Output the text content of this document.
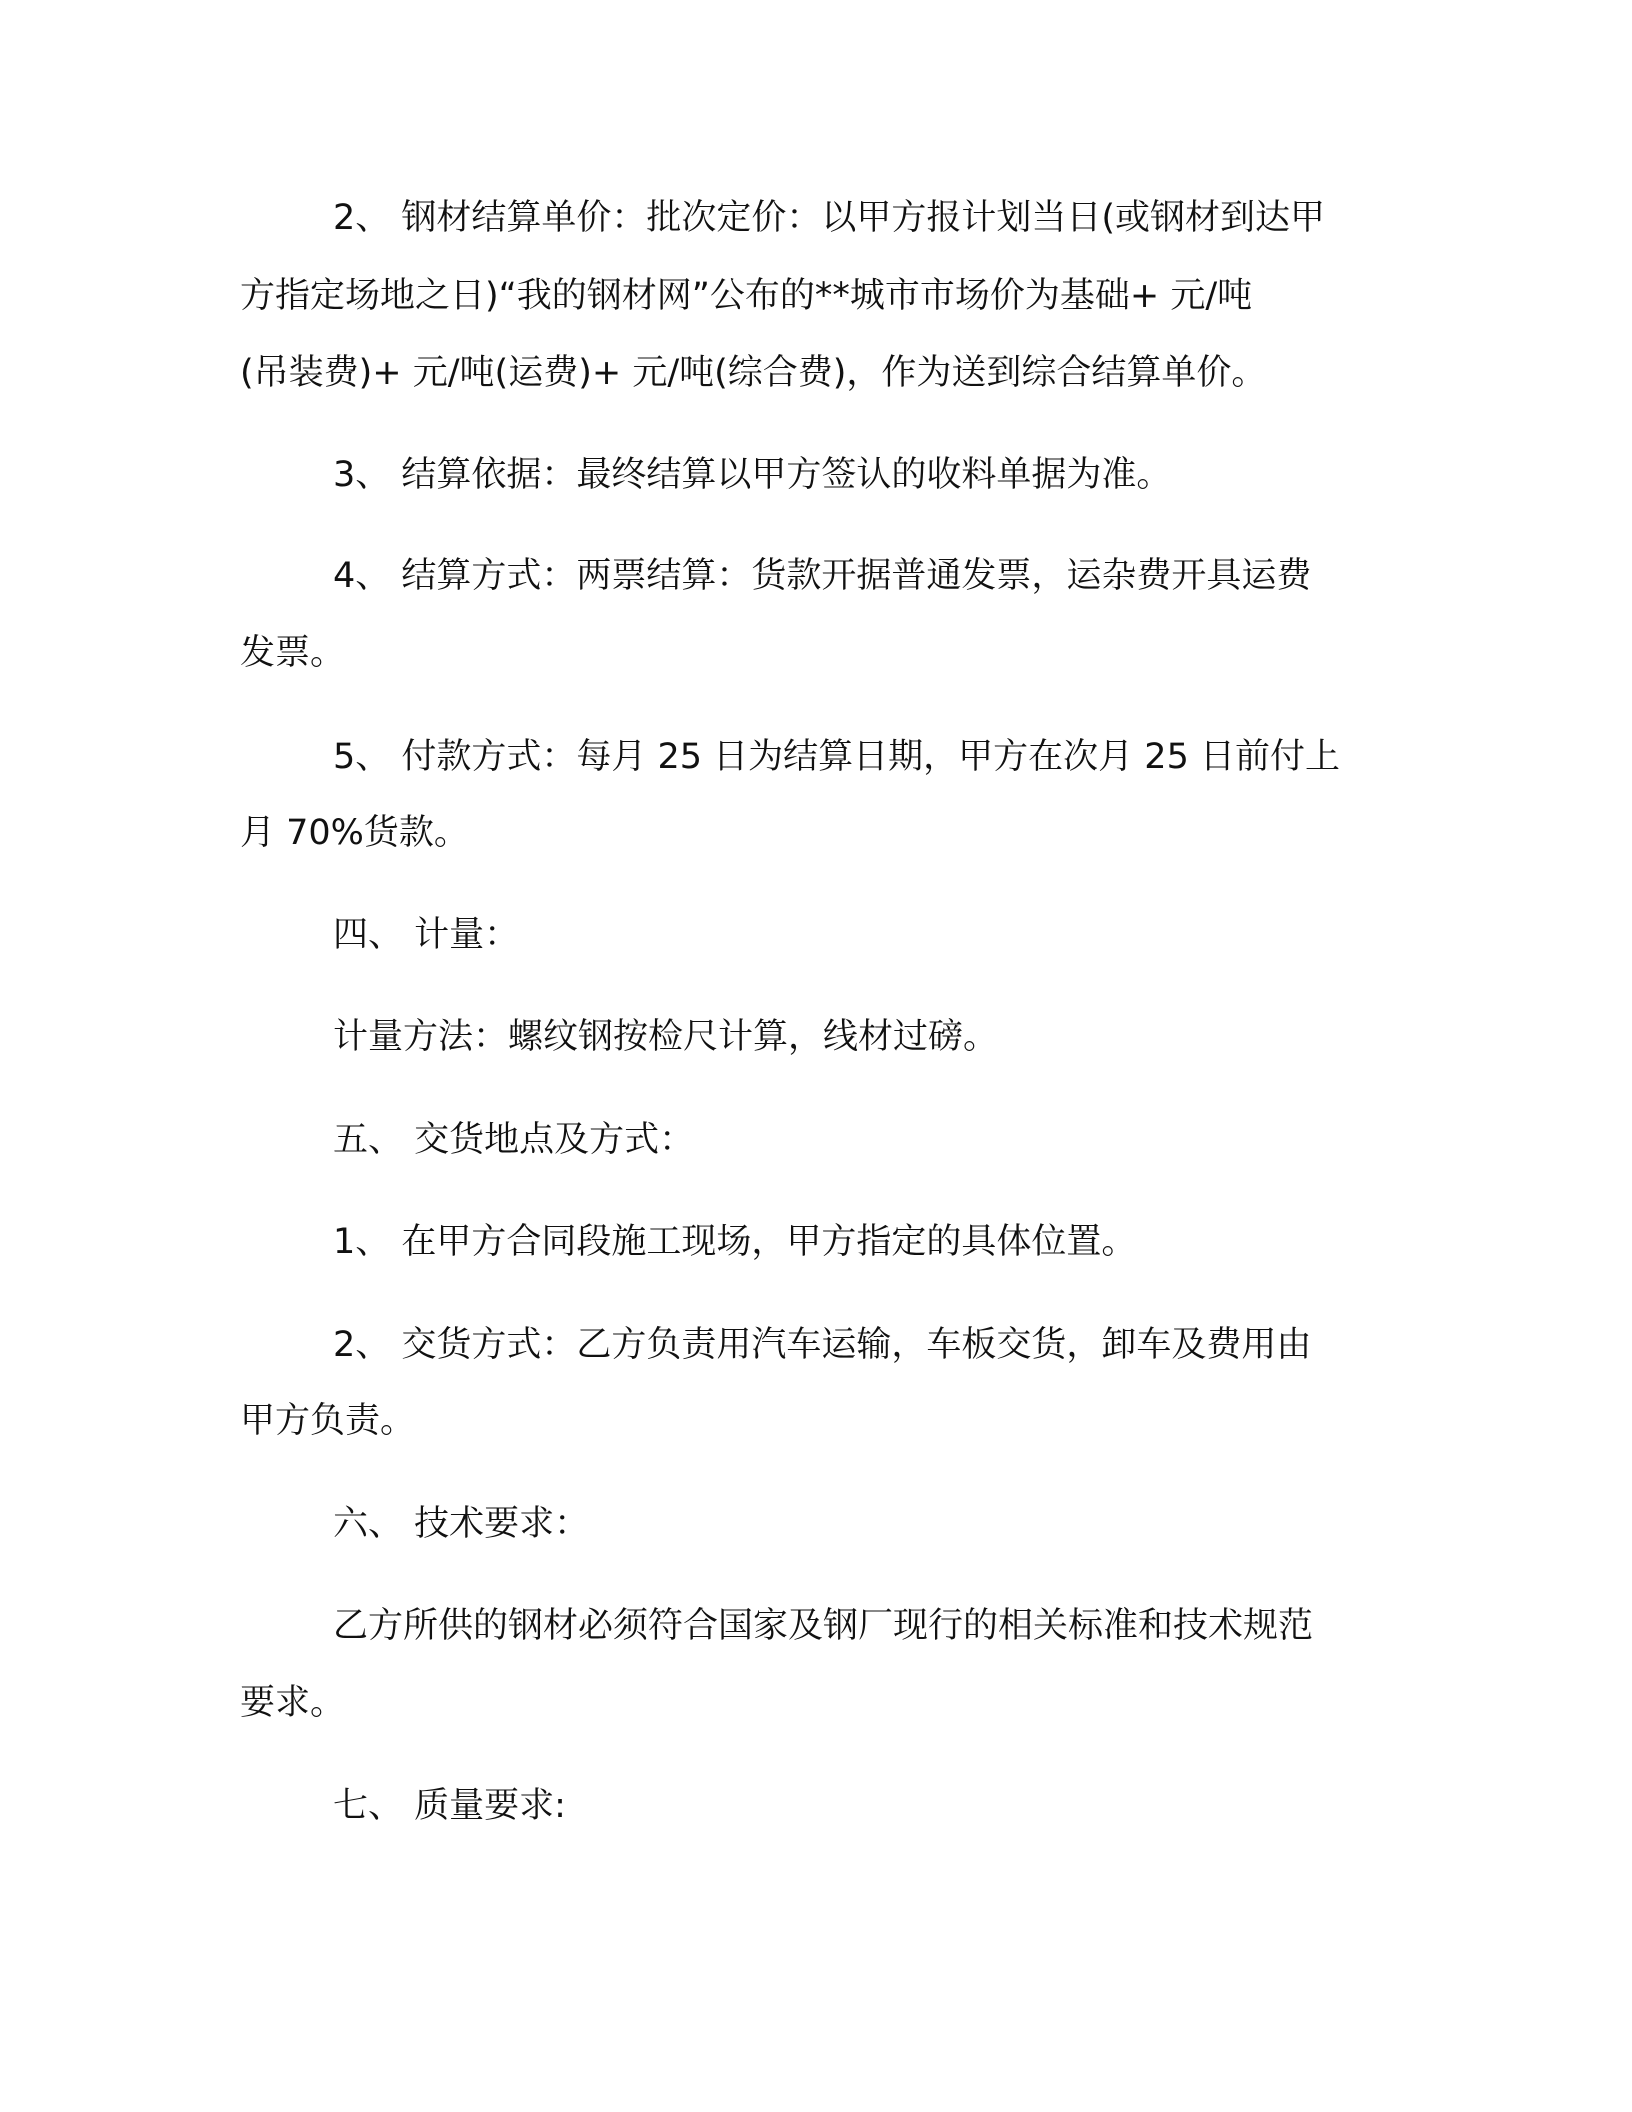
2、 钢材结算单价：批次定价：以甲方报计划当日(或钢材到达甲
方指定场地之日)“我的钢材网”公布的**城市市场价为基础+ 元/吨
(吊装费)+ 元/吨(运费)+ 元/吨(综合费)，作为送到综合结算单价。
3、 结算依据：最终结算以甲方签认的收料单据为准。
4、 结算方式：两票结算：货款开据普通发票，运杂费开具运费
发票。
5、 付款方式：每月 25 日为结算日期，甲方在次月 25 日前付上
月 70%货款。
四、 计量：
计量方法：螺纹钢按检尺计算，线材过磅。
五、 交货地点及方式：
1、 在甲方合同段施工现场，甲方指定的具体位置。
2、 交货方式：乙方负责用汽车运输，车板交货，卸车及费用由
甲方负责。
六、 技术要求：
乙方所供的钢材必须符合国家及钢厂现行的相关标准和技术规范
要求。
七、 质量要求:
